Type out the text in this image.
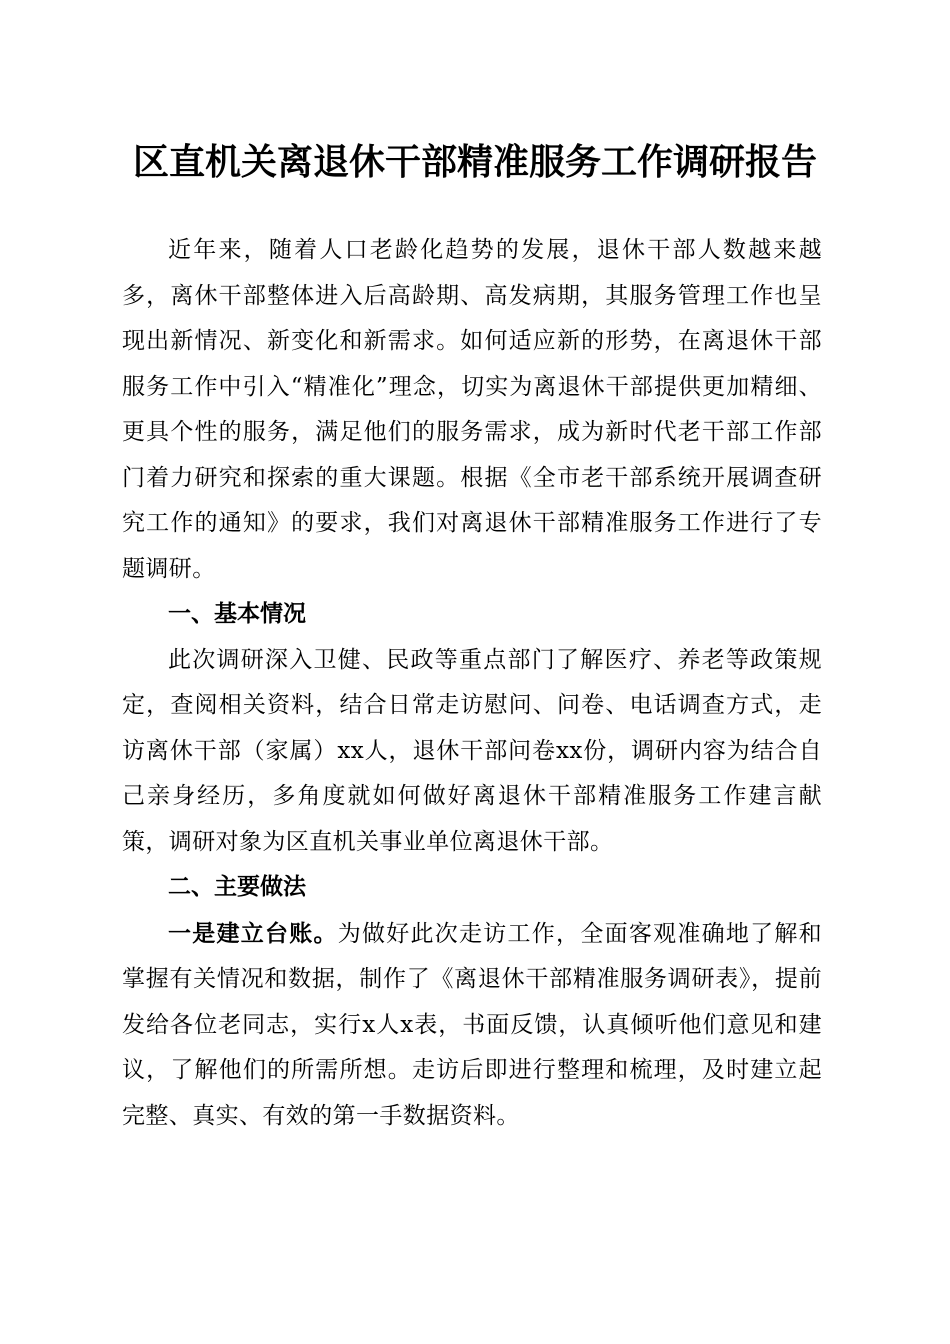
区直机关离退休干部精准服务工作调研报告

近年来，随着人口老龄化趋势的发展，退休干部人数越来越多，离休干部整体进入后高龄期、高发病期，其服务管理工作也呈现出新情况、新变化和新需求。如何适应新的形势，在离退休干部服务工作中引入“精准化”理念，切实为离退休干部提供更加精细、更具个性的服务，满足他们的服务需求，成为新时代老干部工作部门着力研究和探索的重大课题。根据《全市老干部系统开展调查研究工作的通知》的要求，我们对离退休干部精准服务工作进行了专题调研。

一、基本情况

此次调研深入卫健、民政等重点部门了解医疗、养老等政策规定，查阅相关资料，结合日常走访慰问、问卷、电话调查方式，走访离休干部（家属）xx人，退休干部问卷xx份，调研内容为结合自己亲身经历，多角度就如何做好离退休干部精准服务工作建言献策，调研对象为区直机关事业单位离退休干部。

二、主要做法

一是建立台账。为做好此次走访工作，全面客观准确地了解和掌握有关情况和数据，制作了《离退休干部精准服务调研表》，提前发给各位老同志，实行x人x表，书面反馈，认真倾听他们意见和建议，了解他们的所需所想。走访后即进行整理和梳理，及时建立起完整、真实、有效的第一手数据资料。
